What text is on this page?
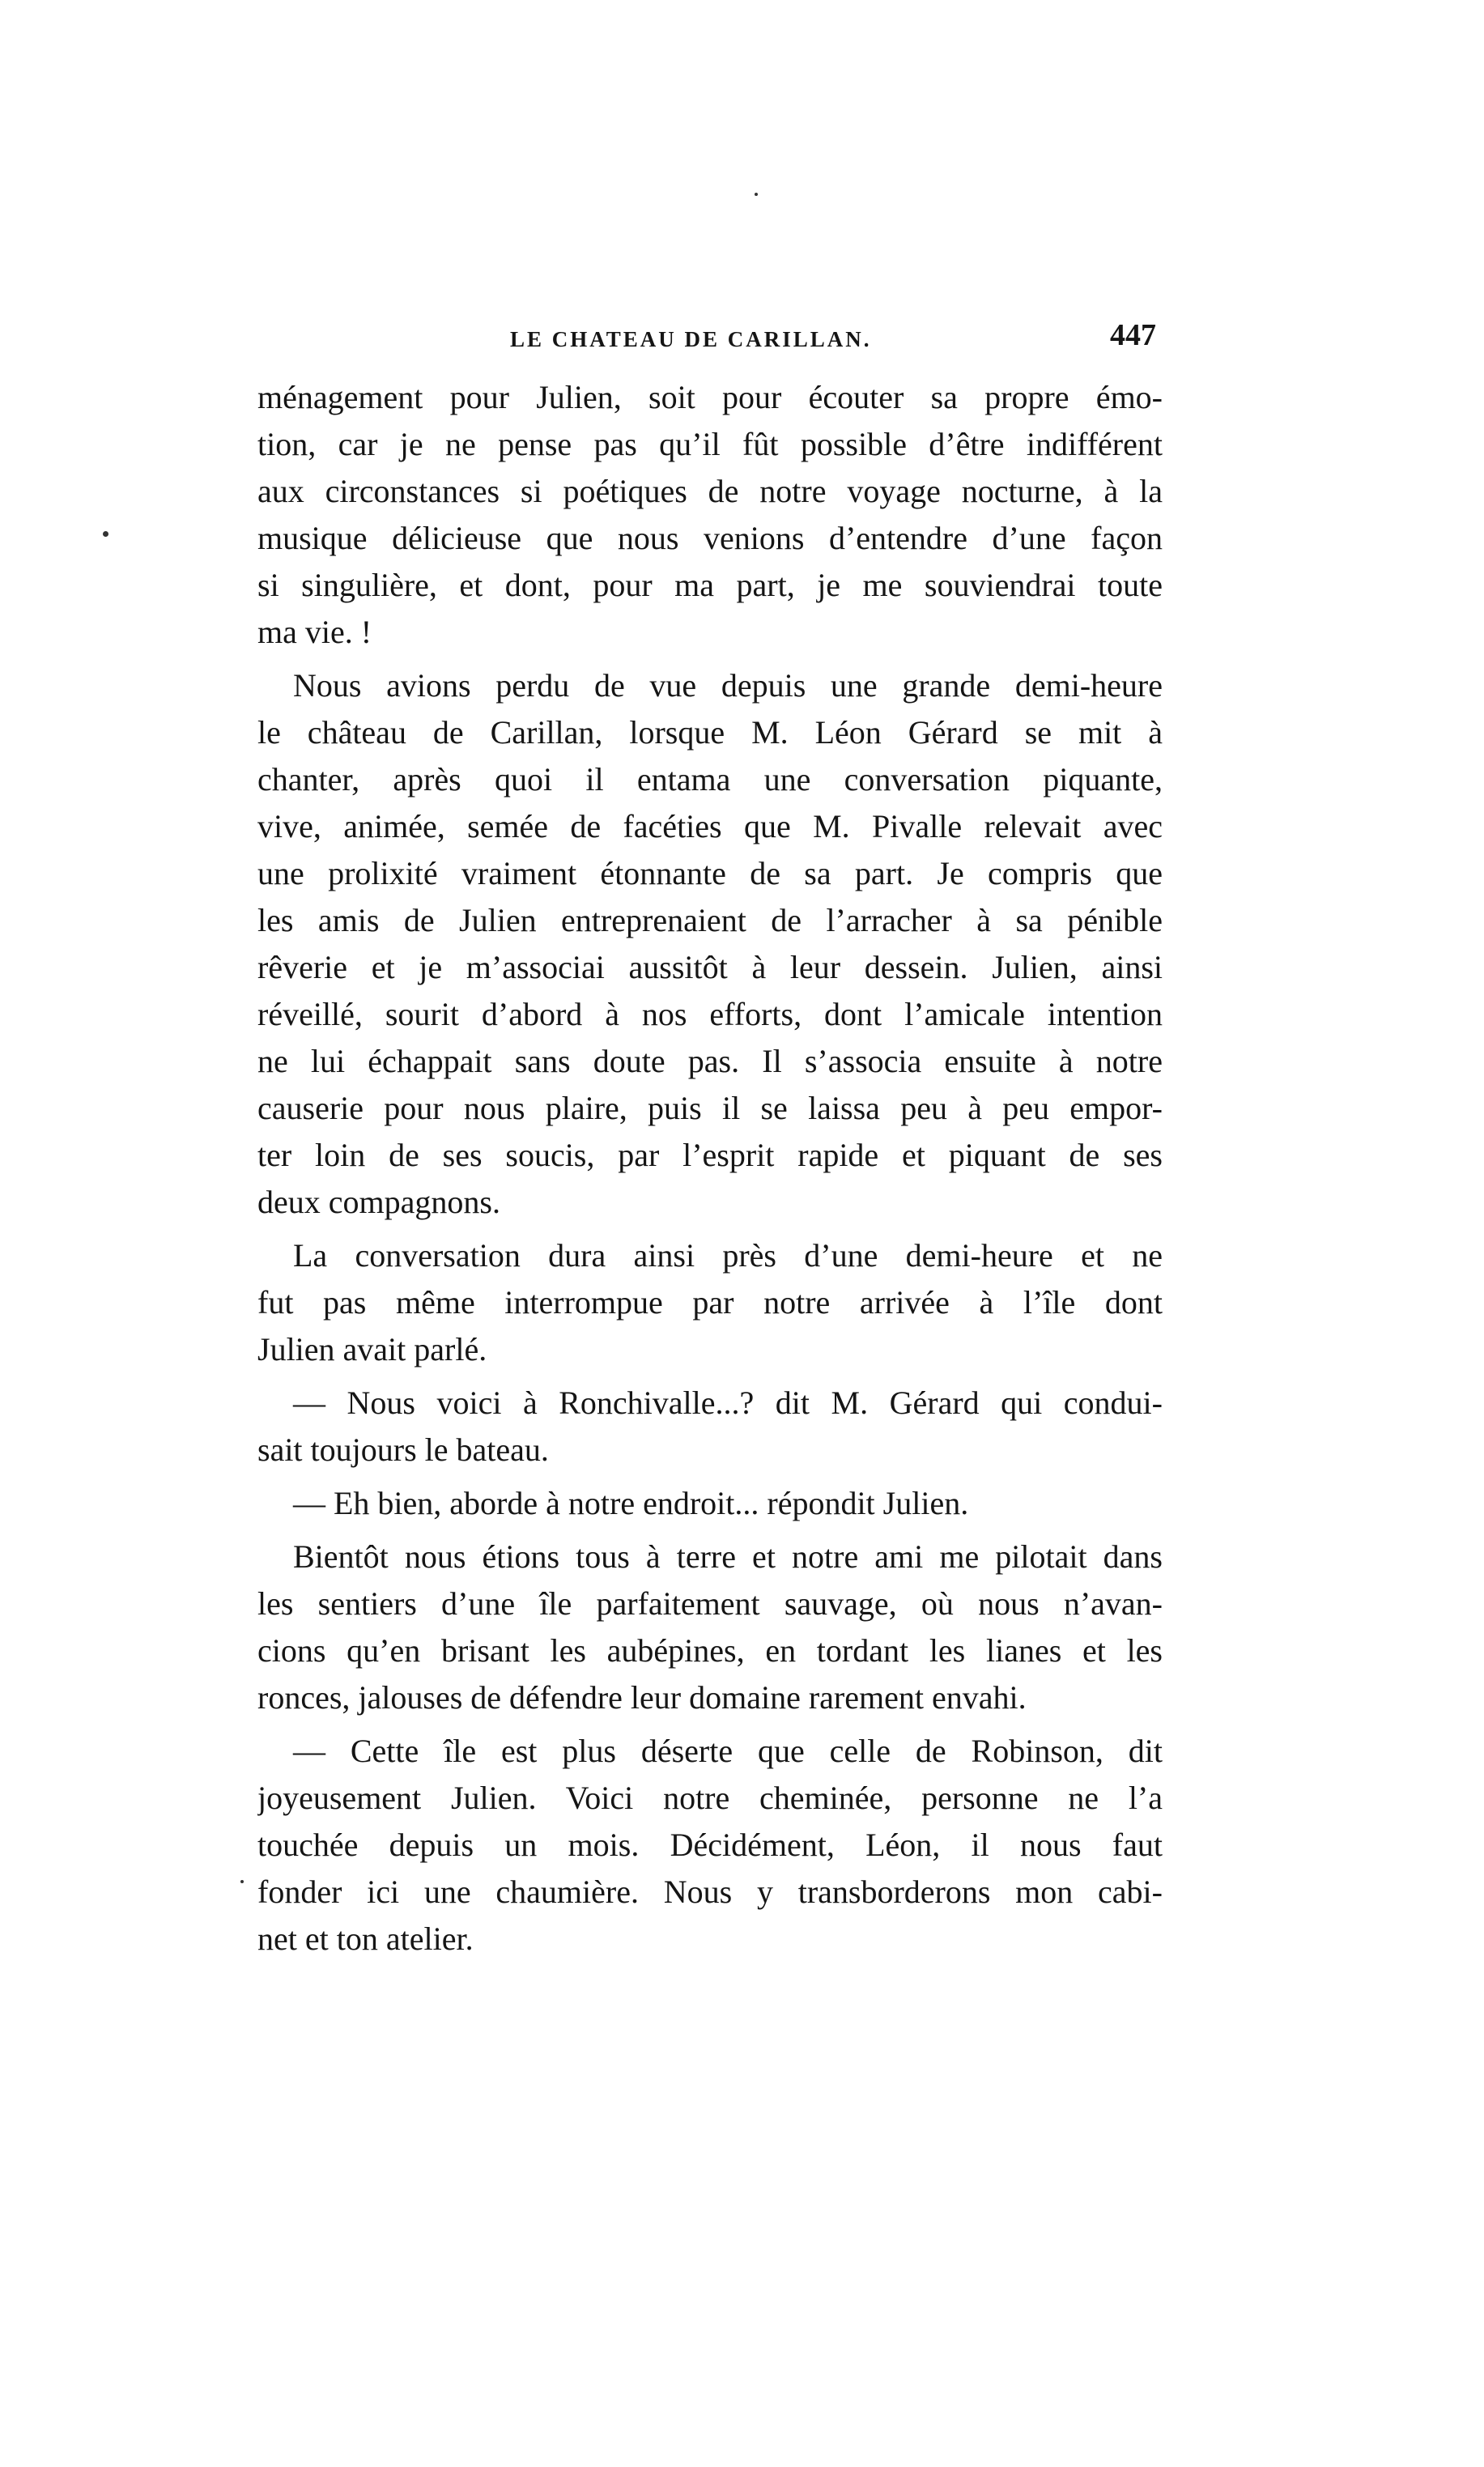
LE CHATEAU DE CARILLAN.	447
ménagement pour Julien, soit pour écouter sa propre émo-
tion, car je ne pense pas qu’il fût possible d’être indifférent
aux circonstances si poétiques de notre voyage nocturne, à la
musique délicieuse que nous venions d’entendre d’une façon
si singulière, et dont, pour ma part, je me souviendrai toute
ma vie. !
Nous avions perdu de vue depuis une grande demi-heure
le château de Carillan, lorsque M. Léon Gérard se mit à
chanter, après quoi il entama une conversation piquante,
vive, animée, semée de facéties que M. Pivalle relevait avec
une prolixité vraiment étonnante de sa part. Je compris que
les amis de Julien entreprenaient de l’arracher à sa pénible
rêverie et je m’associai aussitôt à leur dessein. Julien, ainsi
réveillé, sourit d’abord à nos efforts, dont l’amicale intention
ne lui échappait sans doute pas. Il s’associa ensuite à notre
causerie pour nous plaire, puis il se laissa peu à peu empor-
ter loin de ses soucis, par l’esprit rapide et piquant de ses
deux compagnons.
La conversation dura ainsi près d’une demi-heure et ne
fut pas même interrompue par notre arrivée à l’île dont
Julien avait parlé.
— Nous voici à Ronchivalle...? dit M. Gérard qui condui-
sait toujours le bateau.
— Eh bien, aborde à notre endroit... répondit Julien.
Bientôt nous étions tous à terre et notre ami me pilotait dans
les sentiers d’une île parfaitement sauvage, où nous n’avan-
cions qu’en brisant les aubépines, en tordant les lianes et les
ronces, jalouses de défendre leur domaine rarement envahi.
— Cette île est plus déserte que celle de Robinson, dit
joyeusement Julien. Voici notre cheminée, personne ne l’a
touchée depuis un mois. Décidément, Léon, il nous faut
fonder ici une chaumière. Nous y transborderons mon cabi-
net et ton atelier.
